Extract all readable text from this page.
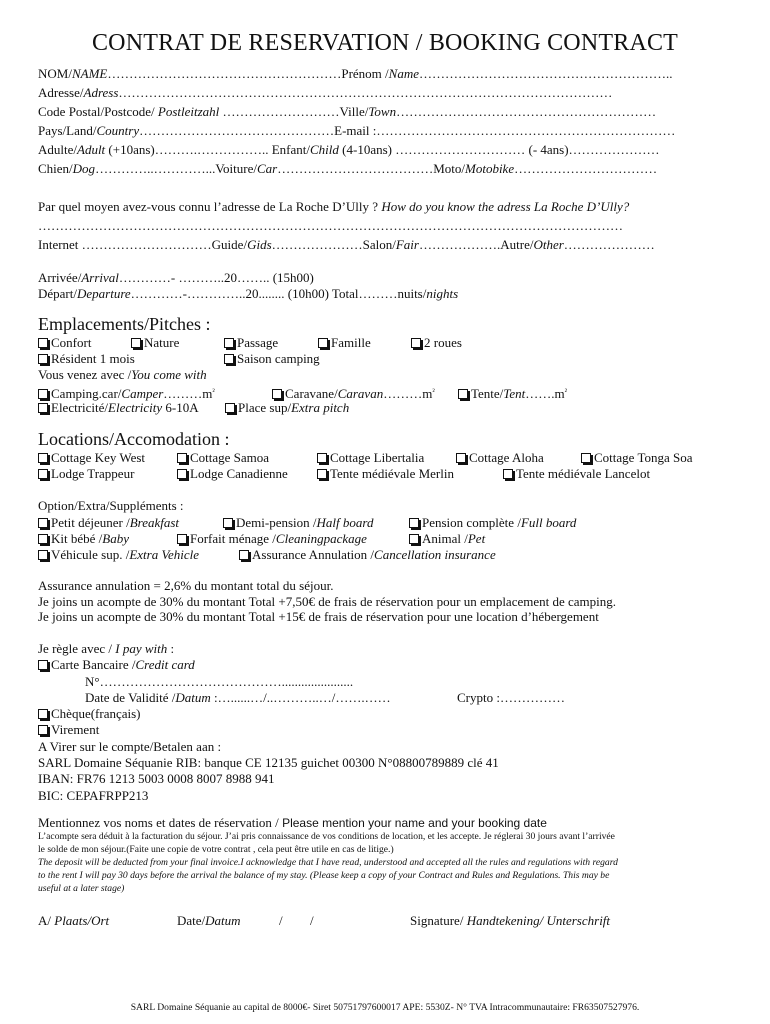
CONTRAT DE RESERVATION / BOOKING CONTRACT
NOM/NAME………………………………………………Prénom /Name…………………………………………………..
Adresse/Adress……………………………………………………………………………………………………
Code Postal/Postcode/ Postleitzahl ………………………Ville/Town……………………………………………………
Pays/Land/Country………………………………………E-mail :……………………………………………………………
Adulte/Adult (+10ans)……….…………….. Enfant/Child (4-10ans) ………………………… (- 4ans)…………………
Chien/Dog…………..…………...Voiture/Car………………………………Moto/Motobike……………………………
Par quel moyen avez-vous connu l’adresse de La Roche D’Ully ? How do you know the adress La Roche D’Ully?
………………………………………………………………………………………………………………………
Internet …………………………Guide/Gids…………………Salon/Fair……………….Autre/Other…………………
Arrivée/Arrival…………- ………..20…….. (15h00)
Départ/Departure…………-…………..20........ (10h00) Total………nuits/nights
Emplacements/Pitches :
Confort	Nature	Passage	Famille	2 roues
Résident 1 mois	Saison camping
Vous venez avec /You come with
$Camping.car/Camper\dots\dots\dots m^{^2}$	Caravane/$Caravan\dots\dots\dots m^{^2}$	Tente/$Tent\dots\dots.m^{^2}$
Electricité/Electricity 6-10A	Place sup/Extra pitch
Locations/Accomodation :
Cottage Key West	Cottage Samoa	Cottage Libertalia	Cottage Aloha	Cottage Tonga Soa
Lodge Trappeur	Lodge Canadienne	Tente médiévale Merlin	Tente médiévale Lancelot
Option/Extra/Suppléments :
Petit déjeuner /Breakfast	Demi-pension /Half board	Pension complète /Full board
Kit bébé /Baby	Forfait ménage /Cleaningpackage	Animal /Pet
Véhicule sup. /Extra Vehicle	Assurance Annulation /Cancellation insurance
Assurance annulation = 2,6% du montant total du séjour.
Je joins un acompte de 30% du montant Total +7,50€ de frais de réservation pour un emplacement de camping.
Je joins un acompte de 30% du montant Total +15€ de frais de réservation pour une location d’hébergement
Je règle avec / I pay with :
Carte Bancaire /Credit card
N°……………………………………......................
Date de Validité /Datum :…......…/..………..…/…….……	Crypto :……………
Chèque(français)
Virement
A Virer sur le compte/Betalen aan :
SARL Domaine Séquanie RIB: banque CE 12135 guichet 00300 N°08800789889 clé 41
IBAN: FR76 1213 5003 0008 8007 8988 941
BIC: CEPAFRPP213
Mentionnez vos noms et dates de réservation / Please mention your name and your booking date
L’acompte sera déduit à la facturation du séjour. J’ai pris connaissance de vos conditions de location, et les accepte. Je réglerai 30 jours avant l’arrivée
le solde de mon séjour.(Faite une copie de votre contrat , cela peut être utile en cas de litige.)
The deposit will be deducted from your final invoice.I acknowledge that I have read, understood and accepted all the rules and regulations with regard
to the rent I will pay 30 days before the arrival the balance of my stay. (Please keep a copy of your Contract and Rules and Regulations. This may be
useful at a later stage)
A/ Plaats/Ort	Date/Datum	/ /	Signature/ Handtekening/ Unterschrift
SARL Domaine Séquanie au capital de 8000€- Siret 50751797600017 APE: 5530Z- N° TVA Intracommunautaire: FR63507527976.
